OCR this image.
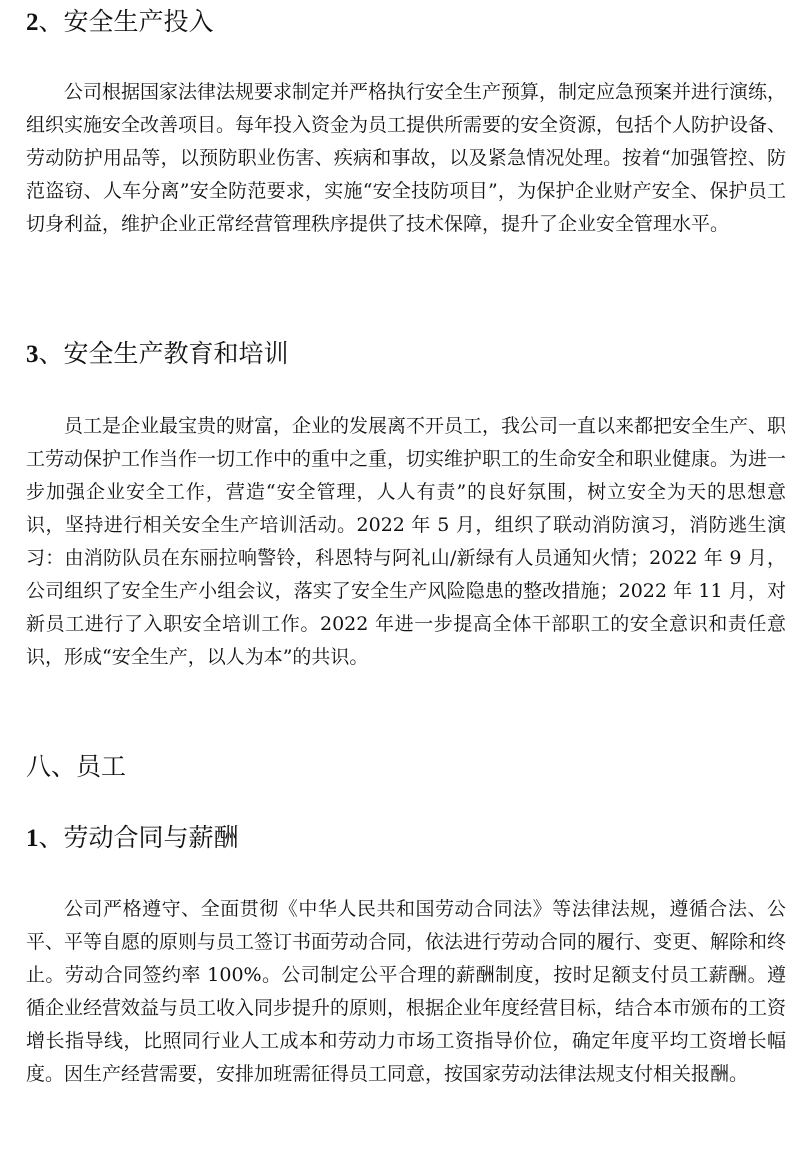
2、安全生产投入

公司根据国家法律法规要求制定并严格执行安全生产预算，制定应急预案并进行演练，组织实施安全改善项目。每年投入资金为员工提供所需要的安全资源，包括个人防护设备、劳动防护用品等，以预防职业伤害、疾病和事故，以及紧急情况处理。按着“加强管控、防范盗窃、人车分离”安全防范要求，实施“安全技防项目”，为保护企业财产安全、保护员工切身利益，维护企业正常经营管理秩序提供了技术保障，提升了企业安全管理水平。

3、安全生产教育和培训

员工是企业最宝贵的财富，企业的发展离不开员工，我公司一直以来都把安全生产、职工劳动保护工作当作一切工作中的重中之重，切实维护职工的生命安全和职业健康。为进一步加强企业安全工作，营造“安全管理，人人有责”的良好氛围，树立安全为天的思想意识，坚持进行相关安全生产培训活动。2022 年 5 月，组织了联动消防演习，消防逃生演习：由消防队员在东丽拉响警铃，科恩特与阿礼山/新绿有人员通知火情；2022 年 9 月，公司组织了安全生产小组会议，落实了安全生产风险隐患的整改措施；2022 年 11 月，对新员工进行了入职安全培训工作。2022 年进一步提高全体干部职工的安全意识和责任意识，形成“安全生产，以人为本”的共识。

八、员工
1、劳动合同与薪酬

公司严格遵守、全面贯彻《中华人民共和国劳动合同法》等法律法规，遵循合法、公平、平等自愿的原则与员工签订书面劳动合同，依法进行劳动合同的履行、变更、解除和终止。劳动合同签约率 100%。公司制定公平合理的薪酬制度，按时足额支付员工薪酬。遵循企业经营效益与员工收入同步提升的原则，根据企业年度经营目标，结合本市颁布的工资增长指导线，比照同行业人工成本和劳动力市场工资指导价位，确定年度平均工资增长幅度。因生产经营需要，安排加班需征得员工同意，按国家劳动法律法规支付相关报酬。
